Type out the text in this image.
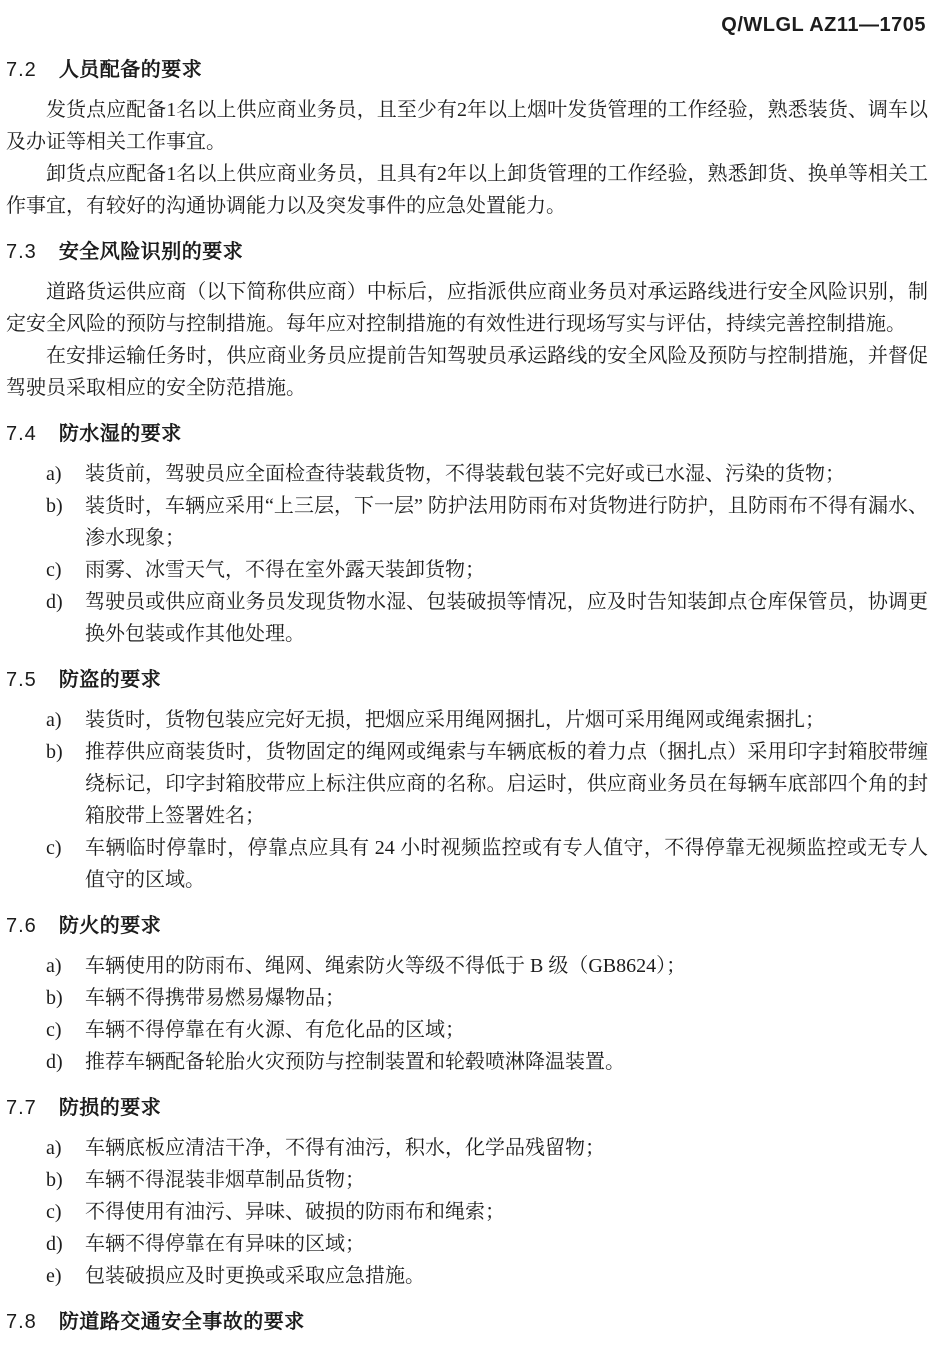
Q/WLGL AZ11—1705
7.2 人员配备的要求

发货点应配备1名以上供应商业务员，且至少有2年以上烟叶发货管理的工作经验，熟悉装货、调车以及办证等相关工作事宜。

卸货点应配备1名以上供应商业务员，且具有2年以上卸货管理的工作经验，熟悉卸货、换单等相关工作事宜，有较好的沟通协调能力以及突发事件的应急处置能力。

7.3 安全风险识别的要求

道路货运供应商（以下简称供应商）中标后，应指派供应商业务员对承运路线进行安全风险识别，制定安全风险的预防与控制措施。每年应对控制措施的有效性进行现场写实与评估，持续完善控制措施。

在安排运输任务时，供应商业务员应提前告知驾驶员承运路线的安全风险及预防与控制措施，并督促驾驶员采取相应的安全防范措施。

7.4 防水湿的要求
a) 装货前，驾驶员应全面检查待装载货物，不得装载包装不完好或已水湿、污染的货物；
b) 装货时，车辆应采用“上三层，下一层” 防护法用防雨布对货物进行防护，且防雨布不得有漏水、渗水现象；
c) 雨雾、冰雪天气，不得在室外露天装卸货物；
d) 驾驶员或供应商业务员发现货物水湿、包装破损等情况，应及时告知装卸点仓库保管员，协调更换外包装或作其他处理。
7.5 防盗的要求
a) 装货时，货物包装应完好无损，把烟应采用绳网捆扎，片烟可采用绳网或绳索捆扎；
b) 推荐供应商装货时，货物固定的绳网或绳索与车辆底板的着力点（捆扎点）采用印字封箱胶带缠绕标记，印字封箱胶带应上标注供应商的名称。启运时，供应商业务员在每辆车底部四个角的封箱胶带上签署姓名；
c) 车辆临时停靠时，停靠点应具有 24 小时视频监控或有专人值守，不得停靠无视频监控或无专人值守的区域。
7.6 防火的要求
a) 车辆使用的防雨布、绳网、绳索防火等级不得低于 B 级（GB8624）；
b) 车辆不得携带易燃易爆物品；
c) 车辆不得停靠在有火源、有危化品的区域；
d) 推荐车辆配备轮胎火灾预防与控制装置和轮毂喷淋降温装置。
7.7 防损的要求
a) 车辆底板应清洁干净，不得有油污，积水，化学品残留物；
b) 车辆不得混装非烟草制品货物；
c) 不得使用有油污、异味、破损的防雨布和绳索；
d) 车辆不得停靠在有异味的区域；
e) 包装破损应及时更换或采取应急措施。
7.8 防道路交通安全事故的要求
